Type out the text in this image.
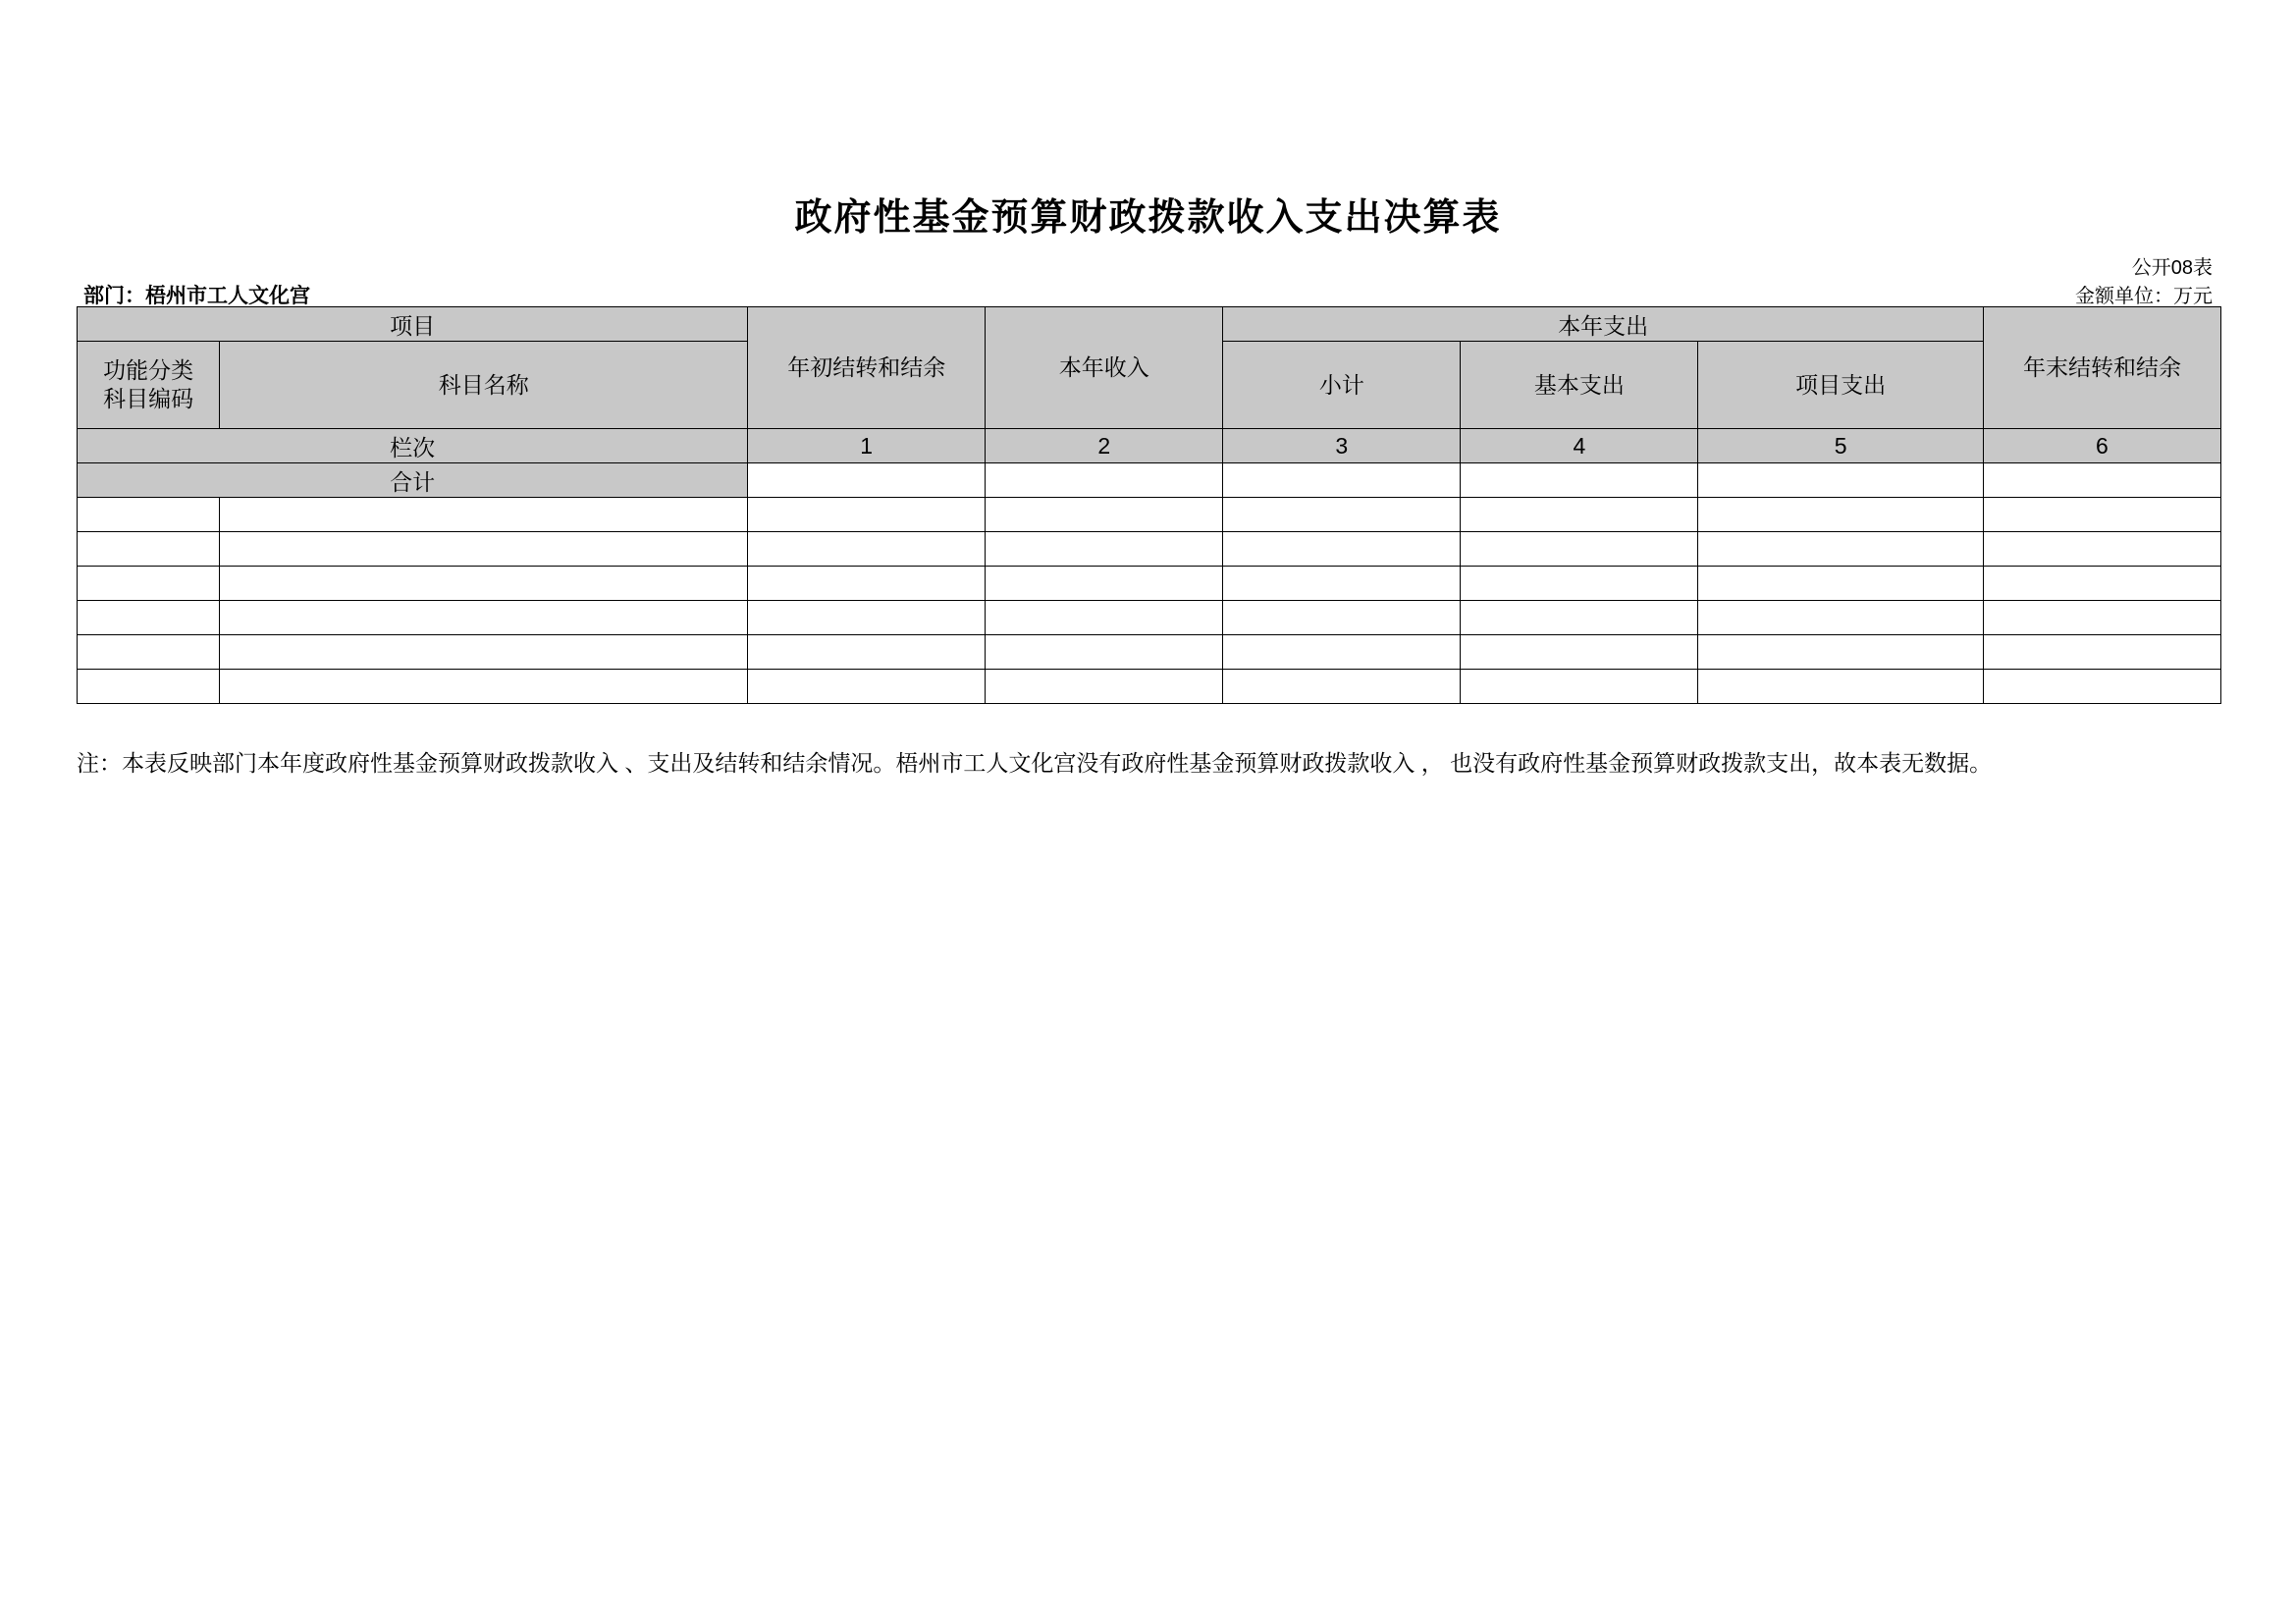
政府性基金预算财政拨款收入支出决算表
公开08表
金额单位：万元
部门：梧州市工人文化宫
项目		年初结转和结余	本年收入	本年支出			年末结转和结余

功能分类
科目编码	科目名称			小计	基本支出	项目支出	
栏次		1	2	3	4	5	6
合计							

注：本表反映部门本年度政府性基金预算财政拨款收入 、支出及结转和结余情况。梧州市工人文化宫没有政府性基金预算财政拨款收入 ， 也没有政府性基金预算财政拨款支出，故本表无数据。
